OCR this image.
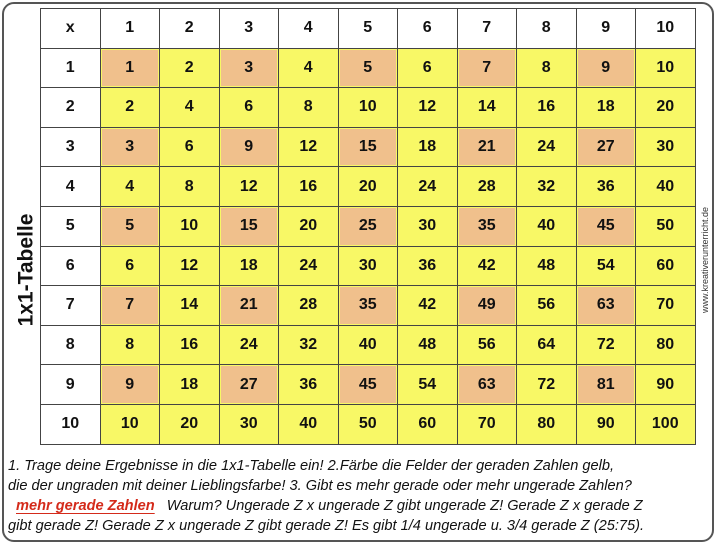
1x1-Tabelle	www.kreativerunterricht.de
x	1	2	3	4	5	6	7	8	9	10

1	1	2	3	4	5	6	7	8	9	10

2	2	4	6	8	10	12	14	16	18	20

3	3	6	9	12	15	18	21	24	27	30

4	4	8	12	16	20	24	28	32	36	40

5	5	10	15	20	25	30	35	40	45	50

6	6	12	18	24	30	36	42	48	54	60

7	7	14	21	28	35	42	49	56	63	70

8	8	16	24	32	40	48	56	64	72	80

9	9	18	27	36	45	54	63	72	81	90

10	10	20	30	40	50	60	70	80	90	100

1. Trage deine Ergebnisse in die 1x1-Tabelle ein! 2.Färbe die Felder der geraden Zahlen gelb,

die der ungraden mit deiner Lieblingsfarbe! 3. Gibt es mehr gerade oder mehr ungerade Zahlen?

mehr gerade Zahlen Warum? Ungerade Z x ungerade Z gibt ungerade Z! Gerade Z x gerade Z

gibt gerade Z! Gerade Z x ungerade Z gibt gerade Z! Es gibt 1/4 ungerade u. 3/4 gerade Z (25:75).
